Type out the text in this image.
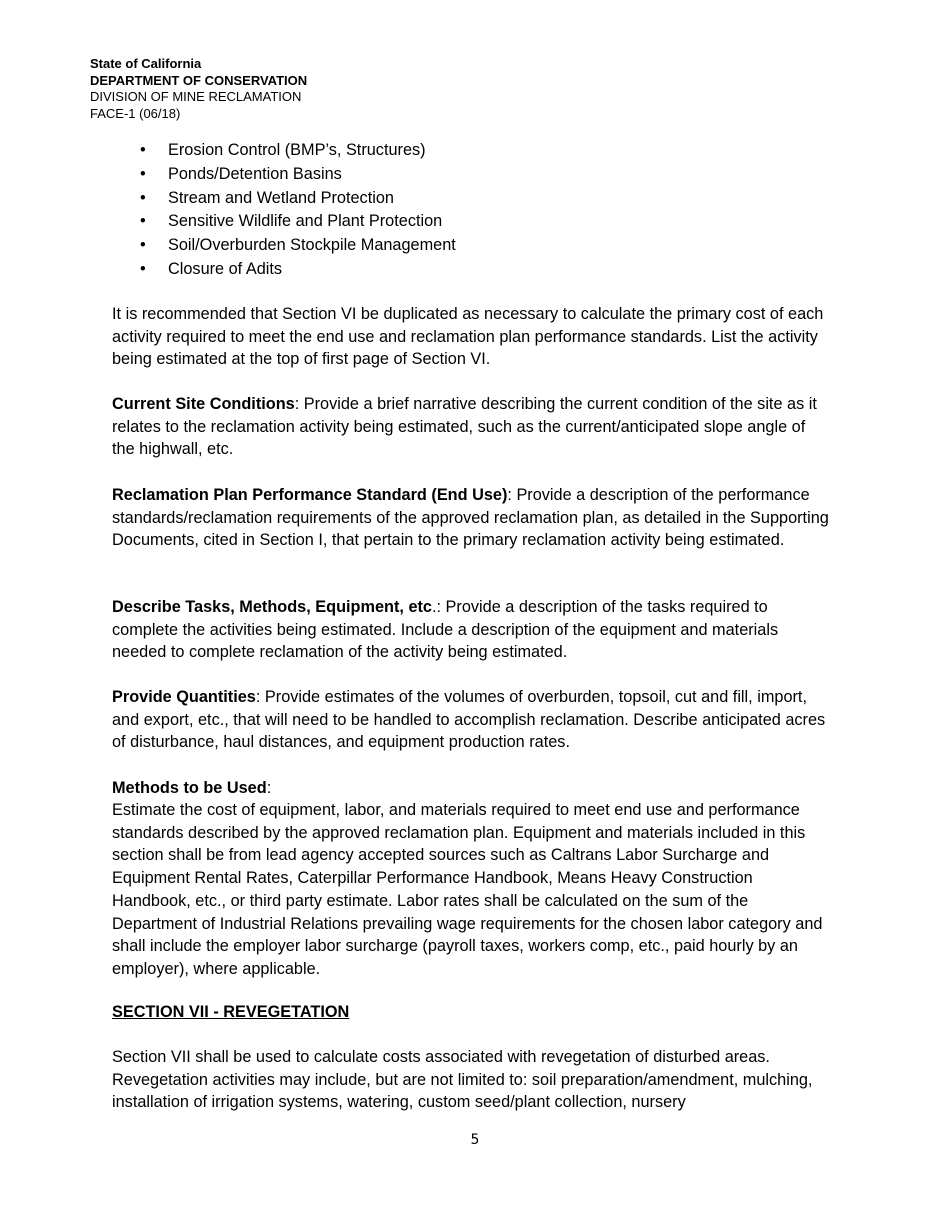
State of California
DEPARTMENT OF CONSERVATION
DIVISION OF MINE RECLAMATION
FACE-1 (06/18)
• Erosion Control (BMP’s, Structures)
• Ponds/Detention Basins
• Stream and Wetland Protection
• Sensitive Wildlife and Plant Protection
• Soil/Overburden Stockpile Management
• Closure of Adits

It is recommended that Section VI be duplicated as necessary to calculate the primary cost of each activity required to meet the end use and reclamation plan performance standards. List the activity being estimated at the top of first page of Section VI.

Current Site Conditions: Provide a brief narrative describing the current condition of the site as it relates to the reclamation activity being estimated, such as the current/anticipated slope angle of the highwall, etc.

Reclamation Plan Performance Standard (End Use): Provide a description of the performance standards/reclamation requirements of the approved reclamation plan, as detailed in the Supporting Documents, cited in Section I, that pertain to the primary reclamation activity being estimated.

Describe Tasks, Methods, Equipment, etc.: Provide a description of the tasks required to complete the activities being estimated. Include a description of the equipment and materials needed to complete reclamation of the activity being estimated.

Provide Quantities: Provide estimates of the volumes of overburden, topsoil, cut and fill, import, and export, etc., that will need to be handled to accomplish reclamation. Describe anticipated acres of disturbance, haul distances, and equipment production rates.

Methods to be Used:

Estimate the cost of equipment, labor, and materials required to meet end use and performance standards described by the approved reclamation plan. Equipment and materials included in this section shall be from lead agency accepted sources such as Caltrans Labor Surcharge and Equipment Rental Rates, Caterpillar Performance Handbook, Means Heavy Construction Handbook, etc., or third party estimate. Labor rates shall be calculated on the sum of the Department of Industrial Relations prevailing wage requirements for the chosen labor category and shall include the employer labor surcharge (payroll taxes, workers comp, etc., paid hourly by an employer), where applicable.

SECTION VII - REVEGETATION

Section VII shall be used to calculate costs associated with revegetation of disturbed areas. Revegetation activities may include, but are not limited to: soil preparation/amendment, mulching, installation of irrigation systems, watering, custom seed/plant collection, nursery

5
